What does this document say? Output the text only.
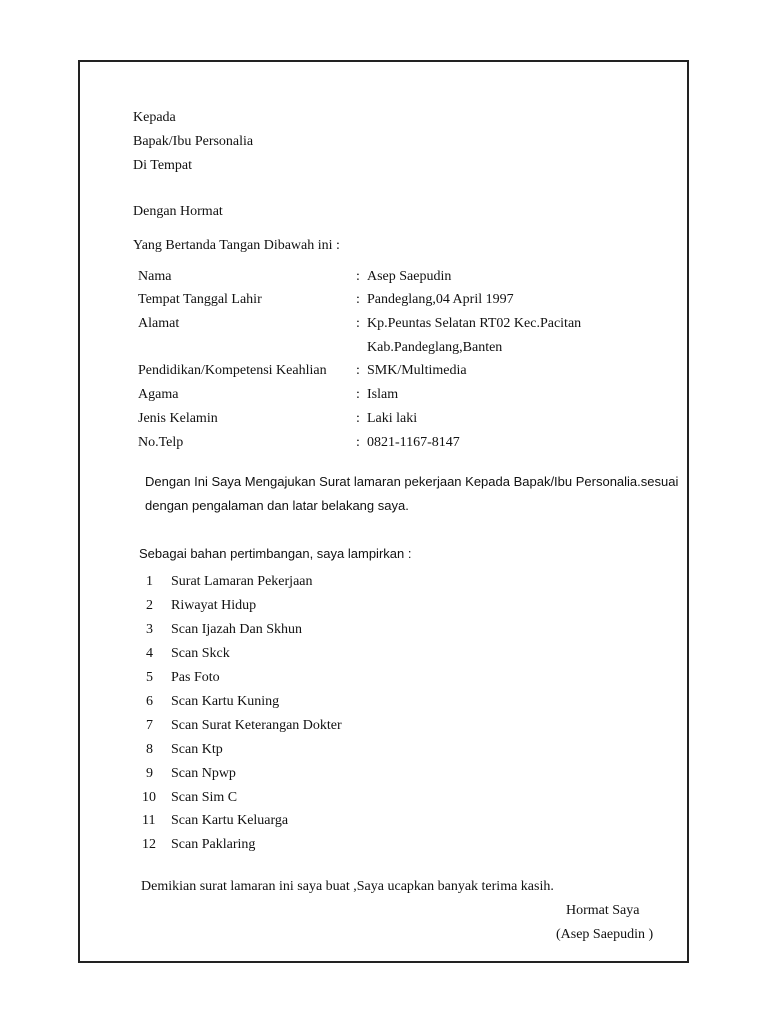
Kepada
Bapak/Ibu Personalia
Di Tempat
Dengan Hormat
Yang Bertanda Tangan Dibawah ini :
Nama	: Asep Saepudin
Tempat Tanggal Lahir	: Pandeglang,04 April 1997
Alamat	: Kp.Peuntas Selatan RT02 Kec.Pacitan
Kab.Pandeglang,Banten
Pendidikan/Kompetensi Keahlian : SMK/Multimedia
Agama	: Islam
Jenis Kelamin	: Laki laki
No.Telp	: 0821-1167-8147
Dengan Ini Saya Mengajukan Surat lamaran pekerjaan Kepada Bapak/Ibu Personalia.sesuai
dengan pengalaman dan latar belakang saya.
Sebagai bahan pertimbangan, saya lampirkan :
1 Surat Lamaran Pekerjaan
2 Riwayat Hidup
3 Scan Ijazah Dan Skhun
4 Scan Skck
5 Pas Foto
6 Scan Kartu Kuning
7 Scan Surat Keterangan Dokter
8 Scan Ktp
9 Scan Npwp
10 Scan Sim C
11 Scan Kartu Keluarga
12 Scan Paklaring
Demikian surat lamaran ini saya buat ,Saya ucapkan banyak terima kasih.
Hormat Saya
(Asep Saepudin )
